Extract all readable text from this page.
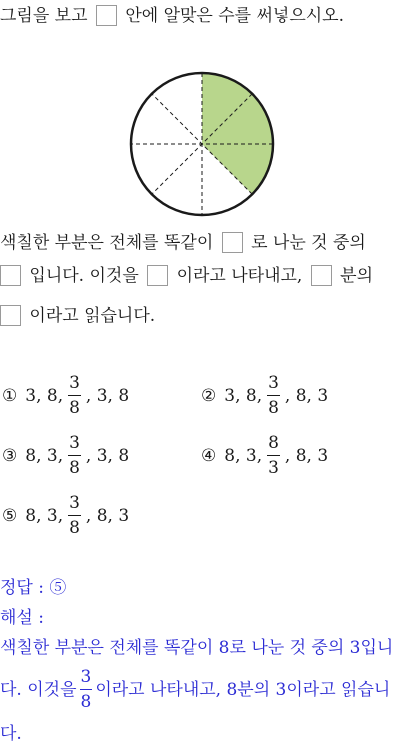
그림을 보고 안에 알맞은 수를 써넣으시오.
색칠한 부분은 전체를 똑같이 로 나눈 것 중의
입니다. 이것을 이라고 나타내고, 분의
이라고 읽습니다.
① 3, 8, $\frac{3}{8}$ , 3, 8	② 3, 8, $\frac{3}{8}$ , 8, 3
③ 8, 3, $\frac{3}{8}$ , 3, 8	④ 8, 3, $\frac{8}{3}$ , 8, 3
⑤ 8, 3, $\frac{3}{8}$ , 8, 3
정답 : ⑤
해설 :
색칠한 부분은 전체를 똑같이 8로 나눈 것 중의 3입니
다. 이것을 $\frac{3}{8}$ 이라고 나타내고, 8분의 3이라고 읽습니
다.
